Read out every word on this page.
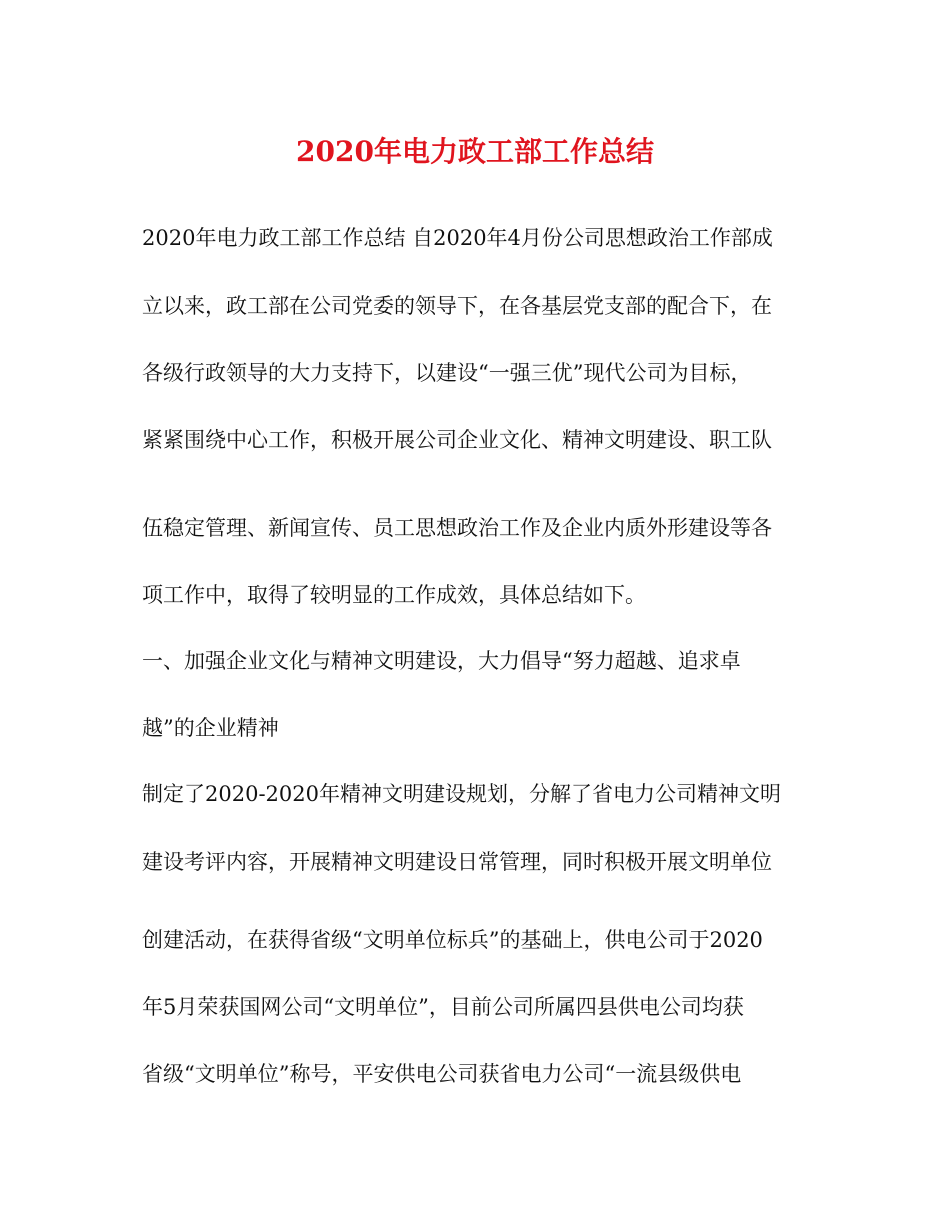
2020年电力政工部工作总结
2020年电力政工部工作总结 自2020年4月份公司思想政治工作部成
立以来，政工部在公司党委的领导下，在各基层党支部的配合下，在
各级行政领导的大力支持下，以建设“一强三优”现代公司为目标，
紧紧围绕中心工作，积极开展公司企业文化、精神文明建设、职工队
伍稳定管理、新闻宣传、员工思想政治工作及企业内质外形建设等各
项工作中，取得了较明显的工作成效，具体总结如下。
一、加强企业文化与精神文明建设，大力倡导“努力超越、追求卓
越”的企业精神
制定了2020-2020年精神文明建设规划，分解了省电力公司精神文明
建设考评内容，开展精神文明建设日常管理，同时积极开展文明单位
创建活动，在获得省级“文明单位标兵”的基础上，供电公司于2020
年5月荣获国网公司“文明单位”，目前公司所属四县供电公司均获
省级“文明单位”称号，平安供电公司获省电力公司“一流县级供电
